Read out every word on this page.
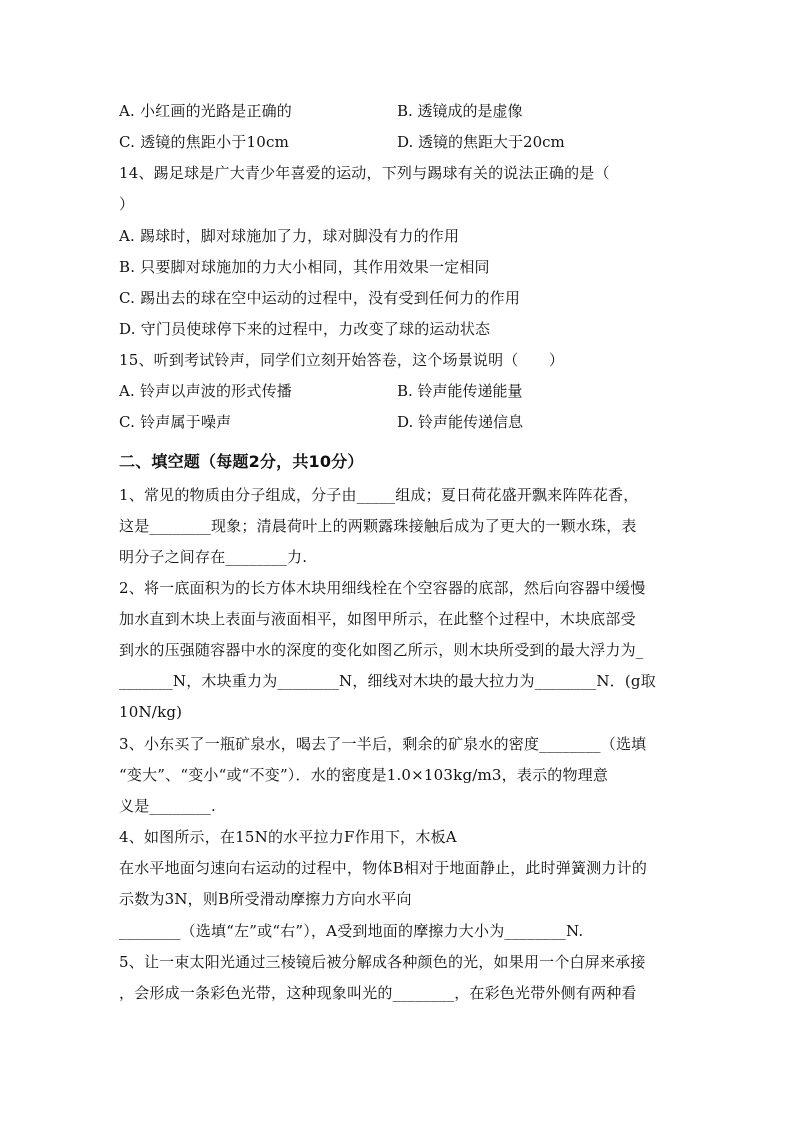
A. 小红画的光路是正确的	B. 透镜成的是虚像
C. 透镜的焦距小于10cm	D. 透镜的焦距大于20cm
14、踢足球是广大青少年喜爱的运动，下列与踢球有关的说法正确的是（
）
A. 踢球时，脚对球施加了力，球对脚没有力的作用
B. 只要脚对球施加的力大小相同，其作用效果一定相同
C. 踢出去的球在空中运动的过程中，没有受到任何力的作用
D. 守门员使球停下来的过程中，力改变了球的运动状态
15、听到考试铃声，同学们立刻开始答卷，这个场景说明（　　）
A. 铃声以声波的形式传播	B. 铃声能传递能量
C. 铃声属于噪声	D. 铃声能传递信息
二、填空题（每题2分，共10分）
1、常见的物质由分子组成，分子由_____组成；夏日荷花盛开飘来阵阵花香，
这是________现象；清晨荷叶上的两颗露珠接触后成为了更大的一颗水珠，表
明分子之间存在________力.
2、将一底面积为的长方体木块用细线栓在个空容器的底部，然后向容器中缓慢
加水直到木块上表面与液面相平，如图甲所示，在此整个过程中，木块底部受
到水的压强随容器中水的深度的变化如图乙所示，则木块所受到的最大浮力为_
_______N，木块重力为________N，细线对木块的最大拉力为________N．(g取
10N/kg)
3、小东买了一瓶矿泉水，喝去了一半后，剩余的矿泉水的密度________（选填
“变大”、“变小“或“不变”）．水的密度是1.0×103kg/m3，表示的物理意
义是________.
4、如图所示，在15N的水平拉力F作用下，木板A
在水平地面匀速向右运动的过程中，物体B相对于地面静止，此时弹簧测力计的
示数为3N，则B所受滑动摩擦力方向水平向
________（选填“左”或“右”），A受到地面的摩擦力大小为________N.
5、让一束太阳光通过三棱镜后被分解成各种颜色的光，如果用一个白屏来承接
，会形成一条彩色光带，这种现象叫光的________，在彩色光带外侧有两种看
